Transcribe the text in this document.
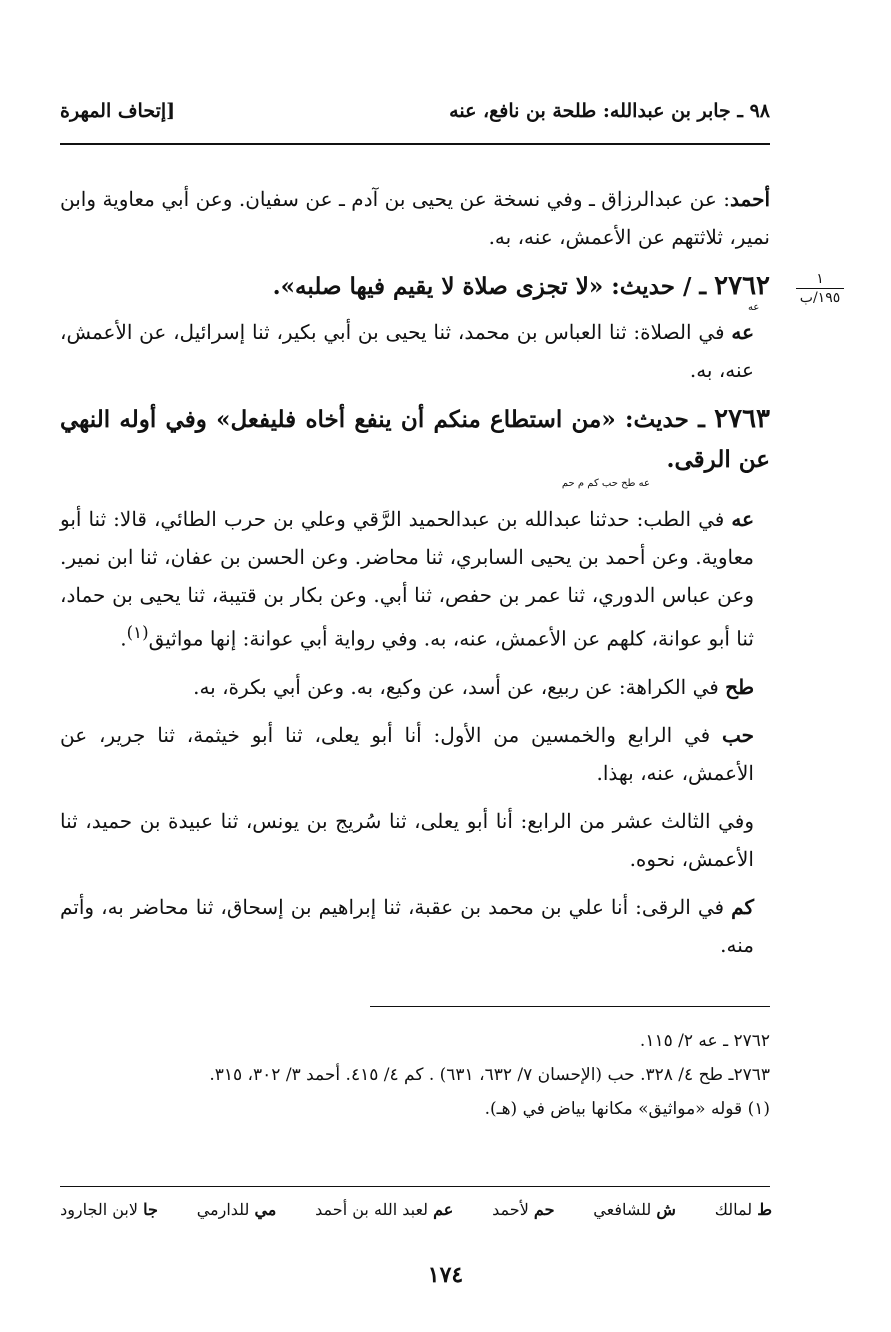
٩٨ ـ جابر بن عبدالله: طلحة بن نافع، عنه
[إتحاف المهرة
١
١٩٥/ب
عه

أحمد: عن عبدالرزاق ـ وفي نسخة عن يحيى بن آدم ـ عن سفيان. وعن أبي معاوية وابن نمير، ثلاثتهم عن الأعمش، عنه، به.

٢٧٦٢ ـ / حديث: «لا تجزى صلاة لا يقيم فيها صلبه».

عه في الصلاة: ثنا العباس بن محمد، ثنا يحيى بن أبي بكير، ثنا إسرائيل، عن الأعمش، عنه، به.

٢٧٦٣ ـ حديث: «من استطاع منكم أن ينفع أخاه فليفعل» وفي أوله النهي عن الرقى.

عه طح حب كم م حم

عه في الطب: حدثنا عبدالله بن عبدالحميد الرَّقي وعلي بن حرب الطائي، قالا: ثنا أبو معاوية. وعن أحمد بن يحيى السابري، ثنا محاضر. وعن الحسن بن عفان، ثنا ابن نمير. وعن عباس الدوري، ثنا عمر بن حفص، ثنا أبي. وعن بكار بن قتيبة، ثنا يحيى بن حماد، ثنا أبو عوانة، كلهم عن الأعمش، عنه، به. وفي رواية أبي عوانة: إنها مواثيق$^{(١)}$.

طح في الكراهة: عن ربيع، عن أسد، عن وكيع، به. وعن أبي بكرة، به.

حب في الرابع والخمسين من الأول: أنا أبو يعلى، ثنا أبو خيثمة، ثنا جرير، عن الأعمش، عنه، بهذا.

وفي الثالث عشر من الرابع: أنا أبو يعلى، ثنا سُريج بن يونس، ثنا عبيدة بن حميد، ثنا الأعمش، نحوه.

كم في الرقى: أنا علي بن محمد بن عقبة، ثنا إبراهيم بن إسحاق، ثنا محاضر به، وأتم منه.

٢٧٦٢ ـ عه ٢/ ١١٥.
٢٧٦٣ـ طح ٤/ ٣٢٨. حب (الإحسان ٧/ ٦٣٢، ٦٣١) . كم ٤/ ٤١٥. أحمد ٣/ ٣٠٢، ٣١٥.
(١) قوله «مواثيق» مكانها بياض في (هـ).
ط لمالك
ش للشافعي
حم لأحمد
عم لعبد الله بن أحمد
مي للدارمي
جا لابن الجارود
١٧٤
